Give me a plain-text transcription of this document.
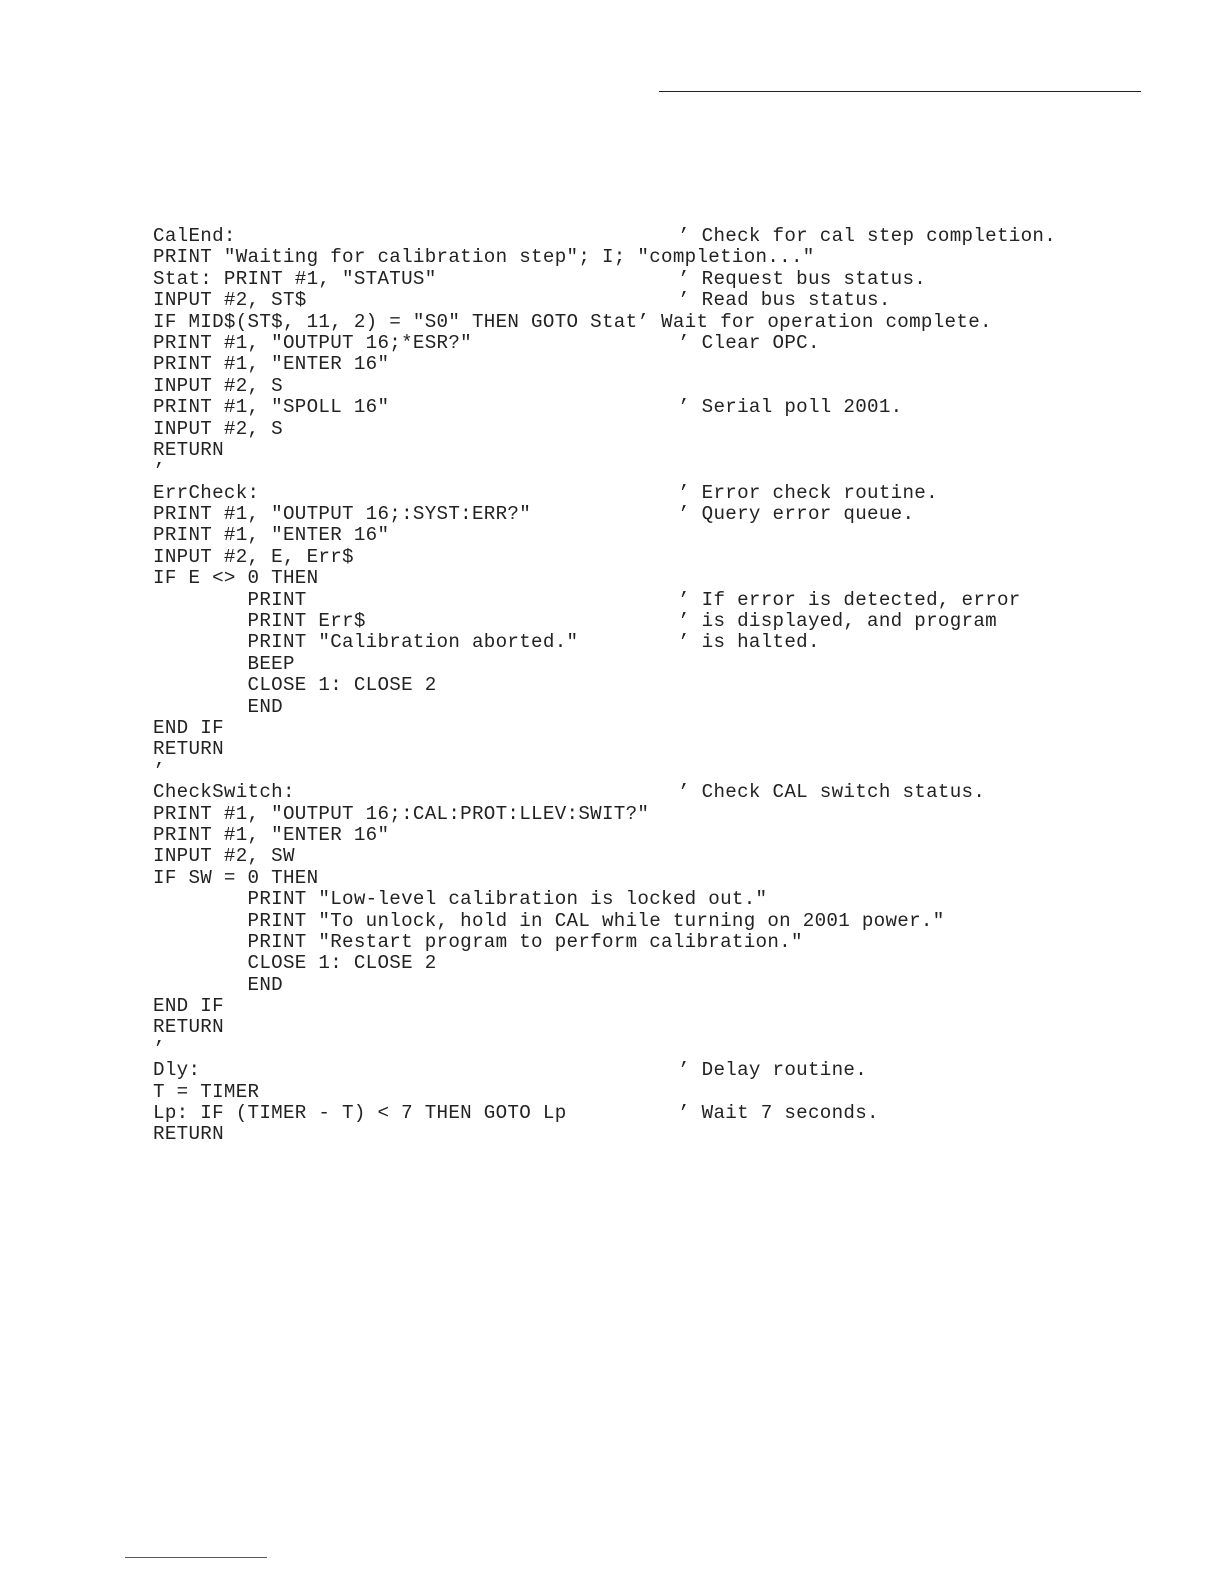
CalEnd:	’ Check for cal step completion.
PRINT "Waiting for calibration step"; I; "completion..."
Stat: PRINT #1, "STATUS"	’ Request bus status.
INPUT #2, ST$	’ Read bus status.
IF MID$(ST$, 11, 2) = "S0" THEN GOTO Stat’ Wait for operation complete.
PRINT #1, "OUTPUT 16;*ESR?"	’ Clear OPC.
PRINT #1, "ENTER 16"
INPUT #2, S
PRINT #1, "SPOLL 16"	’ Serial poll 2001.
INPUT #2, S
RETURN
’
ErrCheck:	’ Error check routine.
PRINT #1, "OUTPUT 16;:SYST:ERR?"	’ Query error queue.
PRINT #1, "ENTER 16"
INPUT #2, E, Err$
IF E <> 0 THEN
PRINT	’ If error is detected, error
PRINT Err$	’ is displayed, and program
PRINT "Calibration aborted."	’ is halted.
BEEP
CLOSE 1: CLOSE 2
END
END IF
RETURN
’
CheckSwitch:	’ Check CAL switch status.
PRINT #1, "OUTPUT 16;:CAL:PROT:LLEV:SWIT?"
PRINT #1, "ENTER 16"
INPUT #2, SW
IF SW = 0 THEN
PRINT "Low-level calibration is locked out."
PRINT "To unlock, hold in CAL while turning on 2001 power."
PRINT "Restart program to perform calibration."
CLOSE 1: CLOSE 2
END
END IF
RETURN
’
Dly:	’ Delay routine.
T = TIMER
Lp: IF (TIMER - T) < 7 THEN GOTO Lp	’ Wait 7 seconds.
RETURN
